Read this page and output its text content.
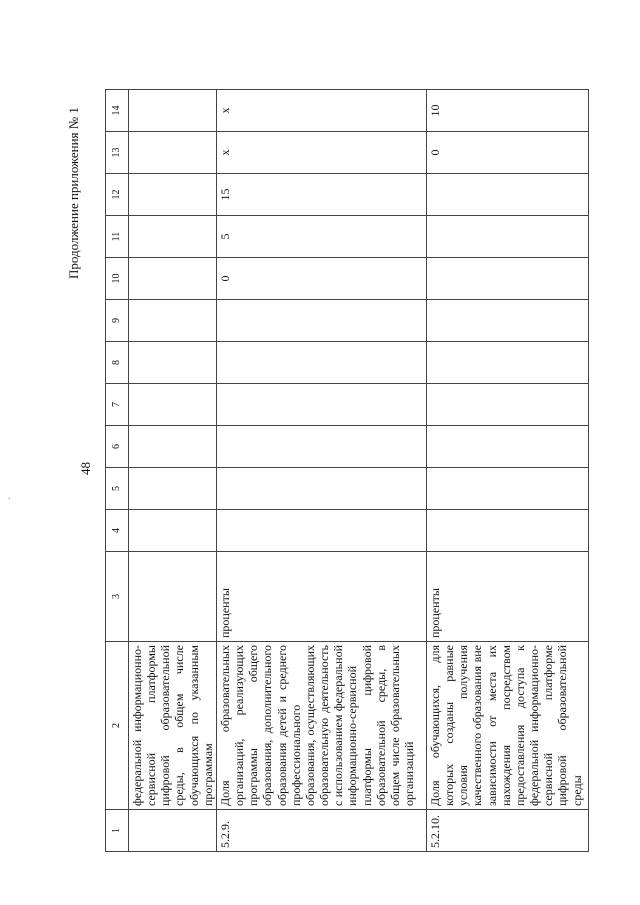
·
Продолжение приложения № 1
48
1	2	3	4	5	6	7	8	9	10	11	12	13	14
	федеральной информационно-сервисной платформы цифровой образовательной среды, в общем числе обучающихся по указанным программам												
5.2.9.	Доля образовательных организаций, реализующих программы общего образования, дополнительного образования детей и среднего профессионального образования, осуществляющих образовательную деятельность с использованием федеральной информационно-сервисной платформы цифровой образовательной среды, в общем числе образовательных организаций	проценты							0	5	15	x	x
5.2.10.	Доля обучающихся, для которых созданы равные условия получения качественного образования вне зависимости от места их нахождения посредством предоставления доступа к федеральной информационно-сервисной платформе цифровой образовательной среды	проценты										0	10
